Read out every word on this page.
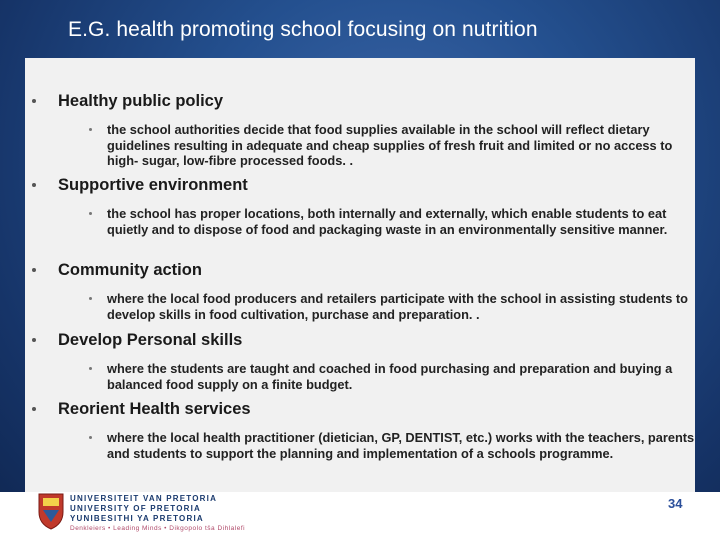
E.G. health promoting school focusing on nutrition
Healthy public policy
the school authorities decide that food supplies available in the school will reflect dietary guidelines resulting in adequate and cheap supplies of fresh fruit and limited or no access to high- sugar, low-fibre processed foods. .
Supportive environment
the school has proper locations, both internally and externally, which enable students to eat quietly and to dispose of food and packaging waste in an environmentally sensitive manner.
Community action
where the local food producers and retailers participate with the school in assisting students to develop skills in food cultivation, purchase and preparation. .
Develop Personal skills
where the students are taught and coached in food purchasing and preparation and buying a balanced food supply on a finite budget.
Reorient Health services
where the local health practitioner (dietician, GP, DENTIST, etc.) works with the teachers, parents and students to support the planning and implementation of a schools programme.
UNIVERSITEIT VAN PRETORIA
UNIVERSITY OF PRETORIA
YUNIBESITHI YA PRETORIA
Denkleiers • Leading Minds • Dikgopolo tša Dihlalefi
34
